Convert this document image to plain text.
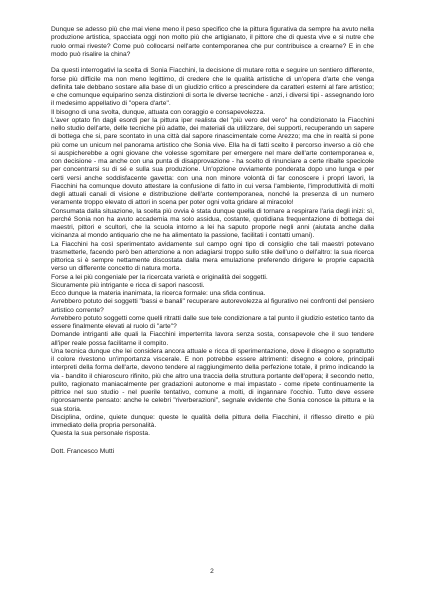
Dunque se adesso più che mai viene meno il peso specifico che la pittura figurativa da sempre ha avuto nella produzione artistica, spacciata oggi non molto più che artigianato, il pittore che di questa vive e si nutre che ruolo ormai riveste? Come può collocarsi nell'arte contemporanea che pur contribuisce a crearne? E in che modo può risalire la china?

Da questi interrogativi la scelta di Sonia Fiacchini, la decisione di mutare rotta e seguire un sentiero differente, forse più difficile ma non meno legittimo, di credere che le qualità artistiche di un'opera d'arte che venga definita tale debbano sostare alla base di un giudizio critico a prescindere da caratteri esterni al fare artistico; e che comunque equiparino senza distinzioni di sorta le diverse tecniche - anzi, i diversi tipi - assegnando loro il medesimo appellativo di "opera d'arte".

Il bisogno di una svolta, dunque, attuata con coraggio e consapevolezza.

L'aver optato fin dagli esordi per la pittura iper realista del "più vero del vero" ha condizionato la Fiacchini nello studio dell'arte, delle tecniche più adatte, dei materiali da utilizzare, dei supporti, recuperando un sapere di bottega che si, pare scontato in una città dal sapore rinascimentale come Arezzo; ma che in realtà si pone più come un unicum nel panorama artistico che Sonia vive. Ella ha di fatti scelto il percorso inverso a ciò che si auspicherebbe a ogni giovane che volesse sgomitare per emergere nel mare dell'arte contemporanea e, con decisione - ma anche con una punta di disapprovazione - ha scelto di rinunciare a certe ribalte specicole per concentrarsi su di sé e sulla sua produzione. Un'opzione ovviamente ponderata dopo uno lunga e per certi versi anche soddisfacente gavetta: con una non minore volontà di far conoscere i propri lavori, la Fiacchini ha comunque dovuto attestare la confusione di fatto in cui versa l'ambiente, l'improduttività di molti degli attuali canali di visione e distribuzione dell'arte contemporanea, nonché la presenza di un numero veramente troppo elevato di attori in scena per poter ogni volta gridare al miracolo!

Consumata dalla situazione, la scelta più ovvia è stata dunque quella di tornare a respirare l'aria degli inizi: sì, perché Sonia non ha avuto accademia ma solo assidua, costante, quotidiana frequentazione di bottega dei maestri, pittori e scultori, che la scuola intorno a lei ha saputo proporle negli anni (aiutata anche dalla vicinanza al mondo antiquario che ne ha alimentato la passione, facilitati i contatti umani).

La Fiacchini ha così sperimentato avidamente sul campo ogni tipo di consiglio che tali maestri potevano trasmetterle, facendo però ben attenzione a non adagiarsi troppo sullo stile dell'uno o dell'altro: la sua ricerca pittorica si è sempre nettamente discostata dalla mera emulazione preferendo dirigere le proprie capacità verso un differente concetto di natura morta.

Forse a lei più congeniale per la ricercata varietà e originalità dei soggetti.

Sicuramente più intrigante e ricca di sapori nascosti.

Ecco dunque la materia inanimata, la ricerca formale: una sfida continua.

Avrebbero potuto dei soggetti "bassi e banali" recuperare autorevolezza al figurativo nei confronti del pensiero artistico corrente?

Avrebbero potuto soggetti come quelli ritratti dalle sue tele condizionare a tal punto il giudizio estetico tanto da essere finalmente elevati al ruolo di "arte"?

Domande intriganti alle quali la Fiacchini imperterrita lavora senza sosta, consapevole che il suo tendere all'iper reale possa facilitarne il compito.

Una tecnica dunque che lei considera ancora attuale e ricca di sperimentazione, dove il disegno e soprattutto il colore rivestono un'importanza viscerale. E non potrebbe essere altrimenti: disegno e colore, principali interpreti della forma dell'arte, devono tendere al raggiungimento della perfezione totale, il primo indicando la via - bandito il chiaroscuro rifinito, più che altro una traccia della struttura portante dell'opera; il secondo netto, pulito, ragionato maniacalmente per gradazioni autonome e mai impastato - come ripete continuamente la pittrice nel suo studio - nel puerile tentativo, comune a molti, di ingannare l'occhio. Tutto deve essere rigorosamente pensato: anche le celebri "riverberazioni", segnale evidente che Sonia conosce la pittura e la sua storia.

Disciplina, ordine, quiete dunque: queste le qualità della pittura della Fiacchini, il riflesso diretto e più immediato della propria personalità.

Questa la sua personale risposta.

Dott. Francesco Mutti

2
